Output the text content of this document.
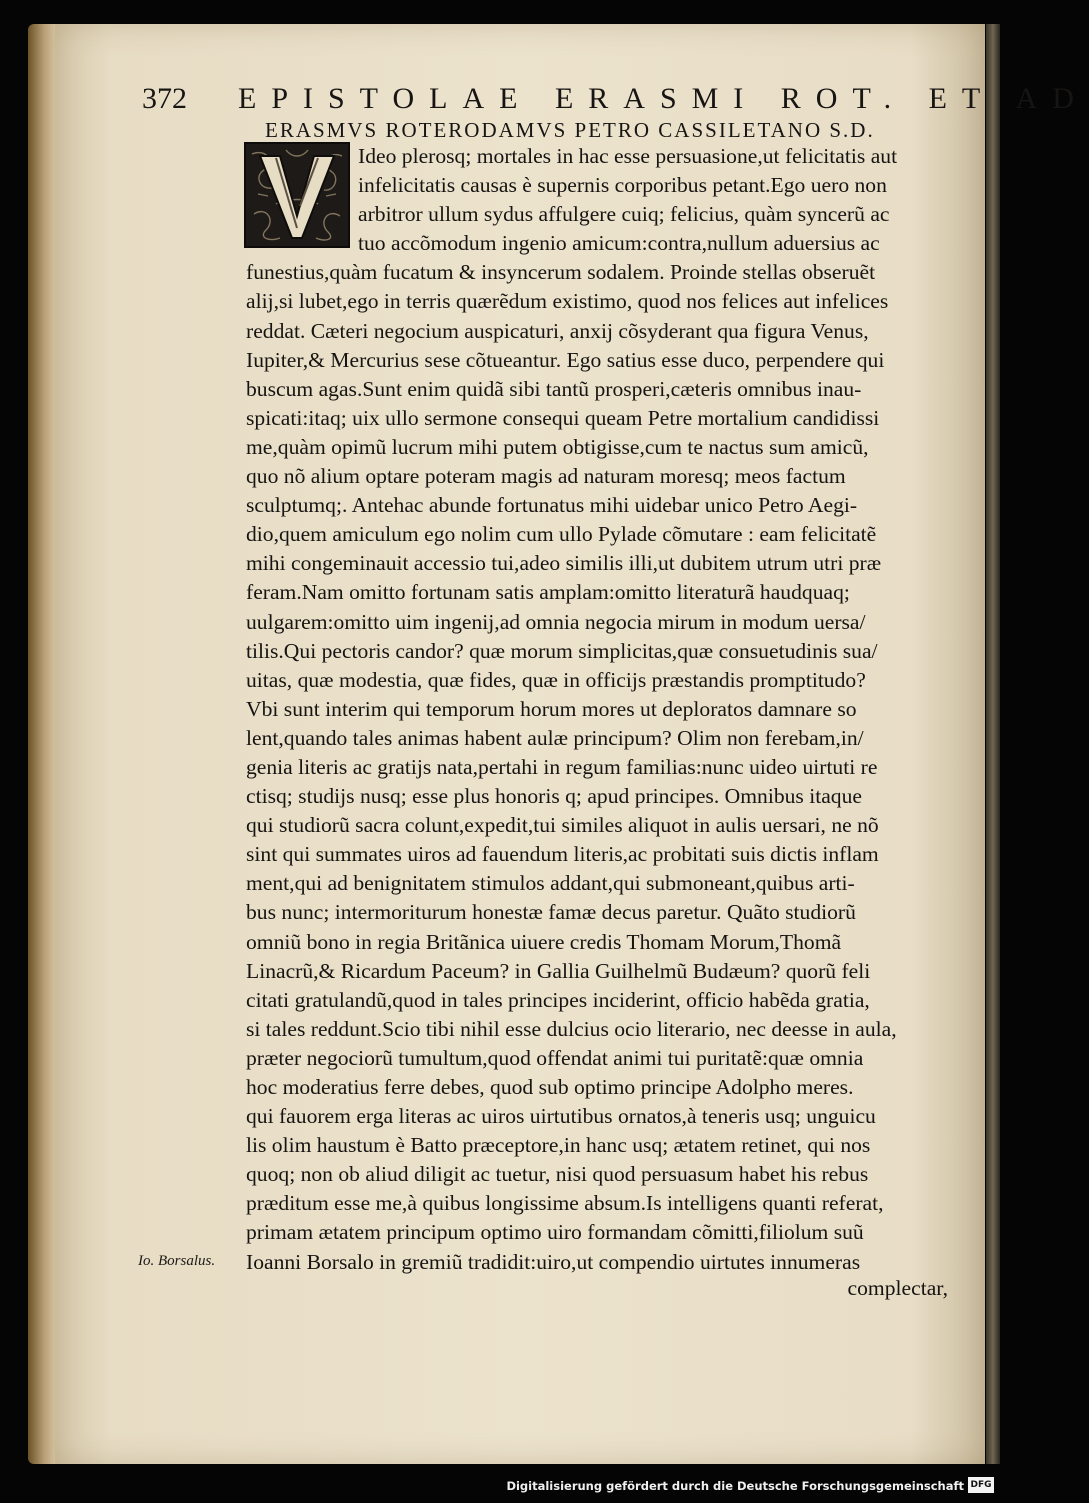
372 EPISTOLAE ERASMI ROT. ET AD
ERASMVS ROTERODAMVS PETRO CASSILETANO S.D.
Ideo plerosq; mortales in hac esse persuasione,ut felicitatis aut
infelicitatis causas è supernis corporibus petant.Ego uero non
arbitror ullum sydus affulgere cuiq; felicius, quàm syncerũ ac
tuo accõmodum ingenio amicum:contra,nullum aduersius ac
funestius,quàm fucatum & insyncerum sodalem. Proinde stellas obseruẽt
alij,si lubet,ego in terris quærẽdum existimo, quod nos felices aut infelices
reddat. Cæteri negocium auspicaturi, anxij cõsyderant qua figura Venus,
Iupiter,& Mercurius sese cõtueantur. Ego satius esse duco, perpendere qui
buscum agas.Sunt enim quidã sibi tantũ prosperi,cæteris omnibus inau-
spicati:itaq; uix ullo sermone consequi queam Petre mortalium candidissi
me,quàm opimũ lucrum mihi putem obtigisse,cum te nactus sum amicũ,
quo nõ alium optare poteram magis ad naturam moresq; meos factum
sculptumq;. Antehac abunde fortunatus mihi uidebar unico Petro Aegi-
dio,quem amiculum ego nolim cum ullo Pylade cõmutare : eam felicitatẽ
mihi congeminauit accessio tui,adeo similis illi,ut dubitem utrum utri præ
feram.Nam omitto fortunam satis amplam:omitto literaturã haudquaq;
uulgarem:omitto uim ingenij,ad omnia negocia mirum in modum uersa/
tilis.Qui pectoris candor? quæ morum simplicitas,quæ consuetudinis sua/
uitas, quæ modestia, quæ fides, quæ in officijs præstandis promptitudo?
Vbi sunt interim qui temporum horum mores ut deploratos damnare so
lent,quando tales animas habent aulæ principum? Olim non ferebam,in/
genia literis ac gratijs nata,pertahi in regum familias:nunc uideo uirtuti re
ctisq; studijs nusq; esse plus honoris q; apud principes. Omnibus itaque
qui studiorũ sacra colunt,expedit,tui similes aliquot in aulis uersari, ne nõ
sint qui summates uiros ad fauendum literis,ac probitati suis dictis inflam
ment,qui ad benignitatem stimulos addant,qui submoneant,quibus arti-
bus nunc; intermoriturum honestæ famæ decus paretur. Quãto studiorũ
omniũ bono in regia Britãnica uiuere credis Thomam Morum,Thomã
Linacrũ,& Ricardum Paceum? in Gallia Guilhelmũ Budæum? quorũ feli
citati gratulandũ,quod in tales principes inciderint, officio habẽda gratia,
si tales reddunt.Scio tibi nihil esse dulcius ocio literario, nec deesse in aula,
præter negociorũ tumultum,quod offendat animi tui puritatẽ:quæ omnia
hoc moderatius ferre debes, quod sub optimo principe Adolpho meres.
qui fauorem erga literas ac uiros uirtutibus ornatos,à teneris usq; unguicu
lis olim haustum è Batto præceptore,in hanc usq; ætatem retinet, qui nos
quoq; non ob aliud diligit ac tuetur, nisi quod persuasum habet his rebus
præditum esse me,à quibus longissime absum.Is intelligens quanti referat,
primam ætatem principum optimo uiro formandam cõmitti,filiolum suũ
Ioanni Borsalo in gremiũ tradidit:uiro,ut compendio uirtutes innumeras
Io. Borsalus.
complectar,
Digitalisierung gefördert durch die Deutsche Forschungsgemeinschaft DFG
